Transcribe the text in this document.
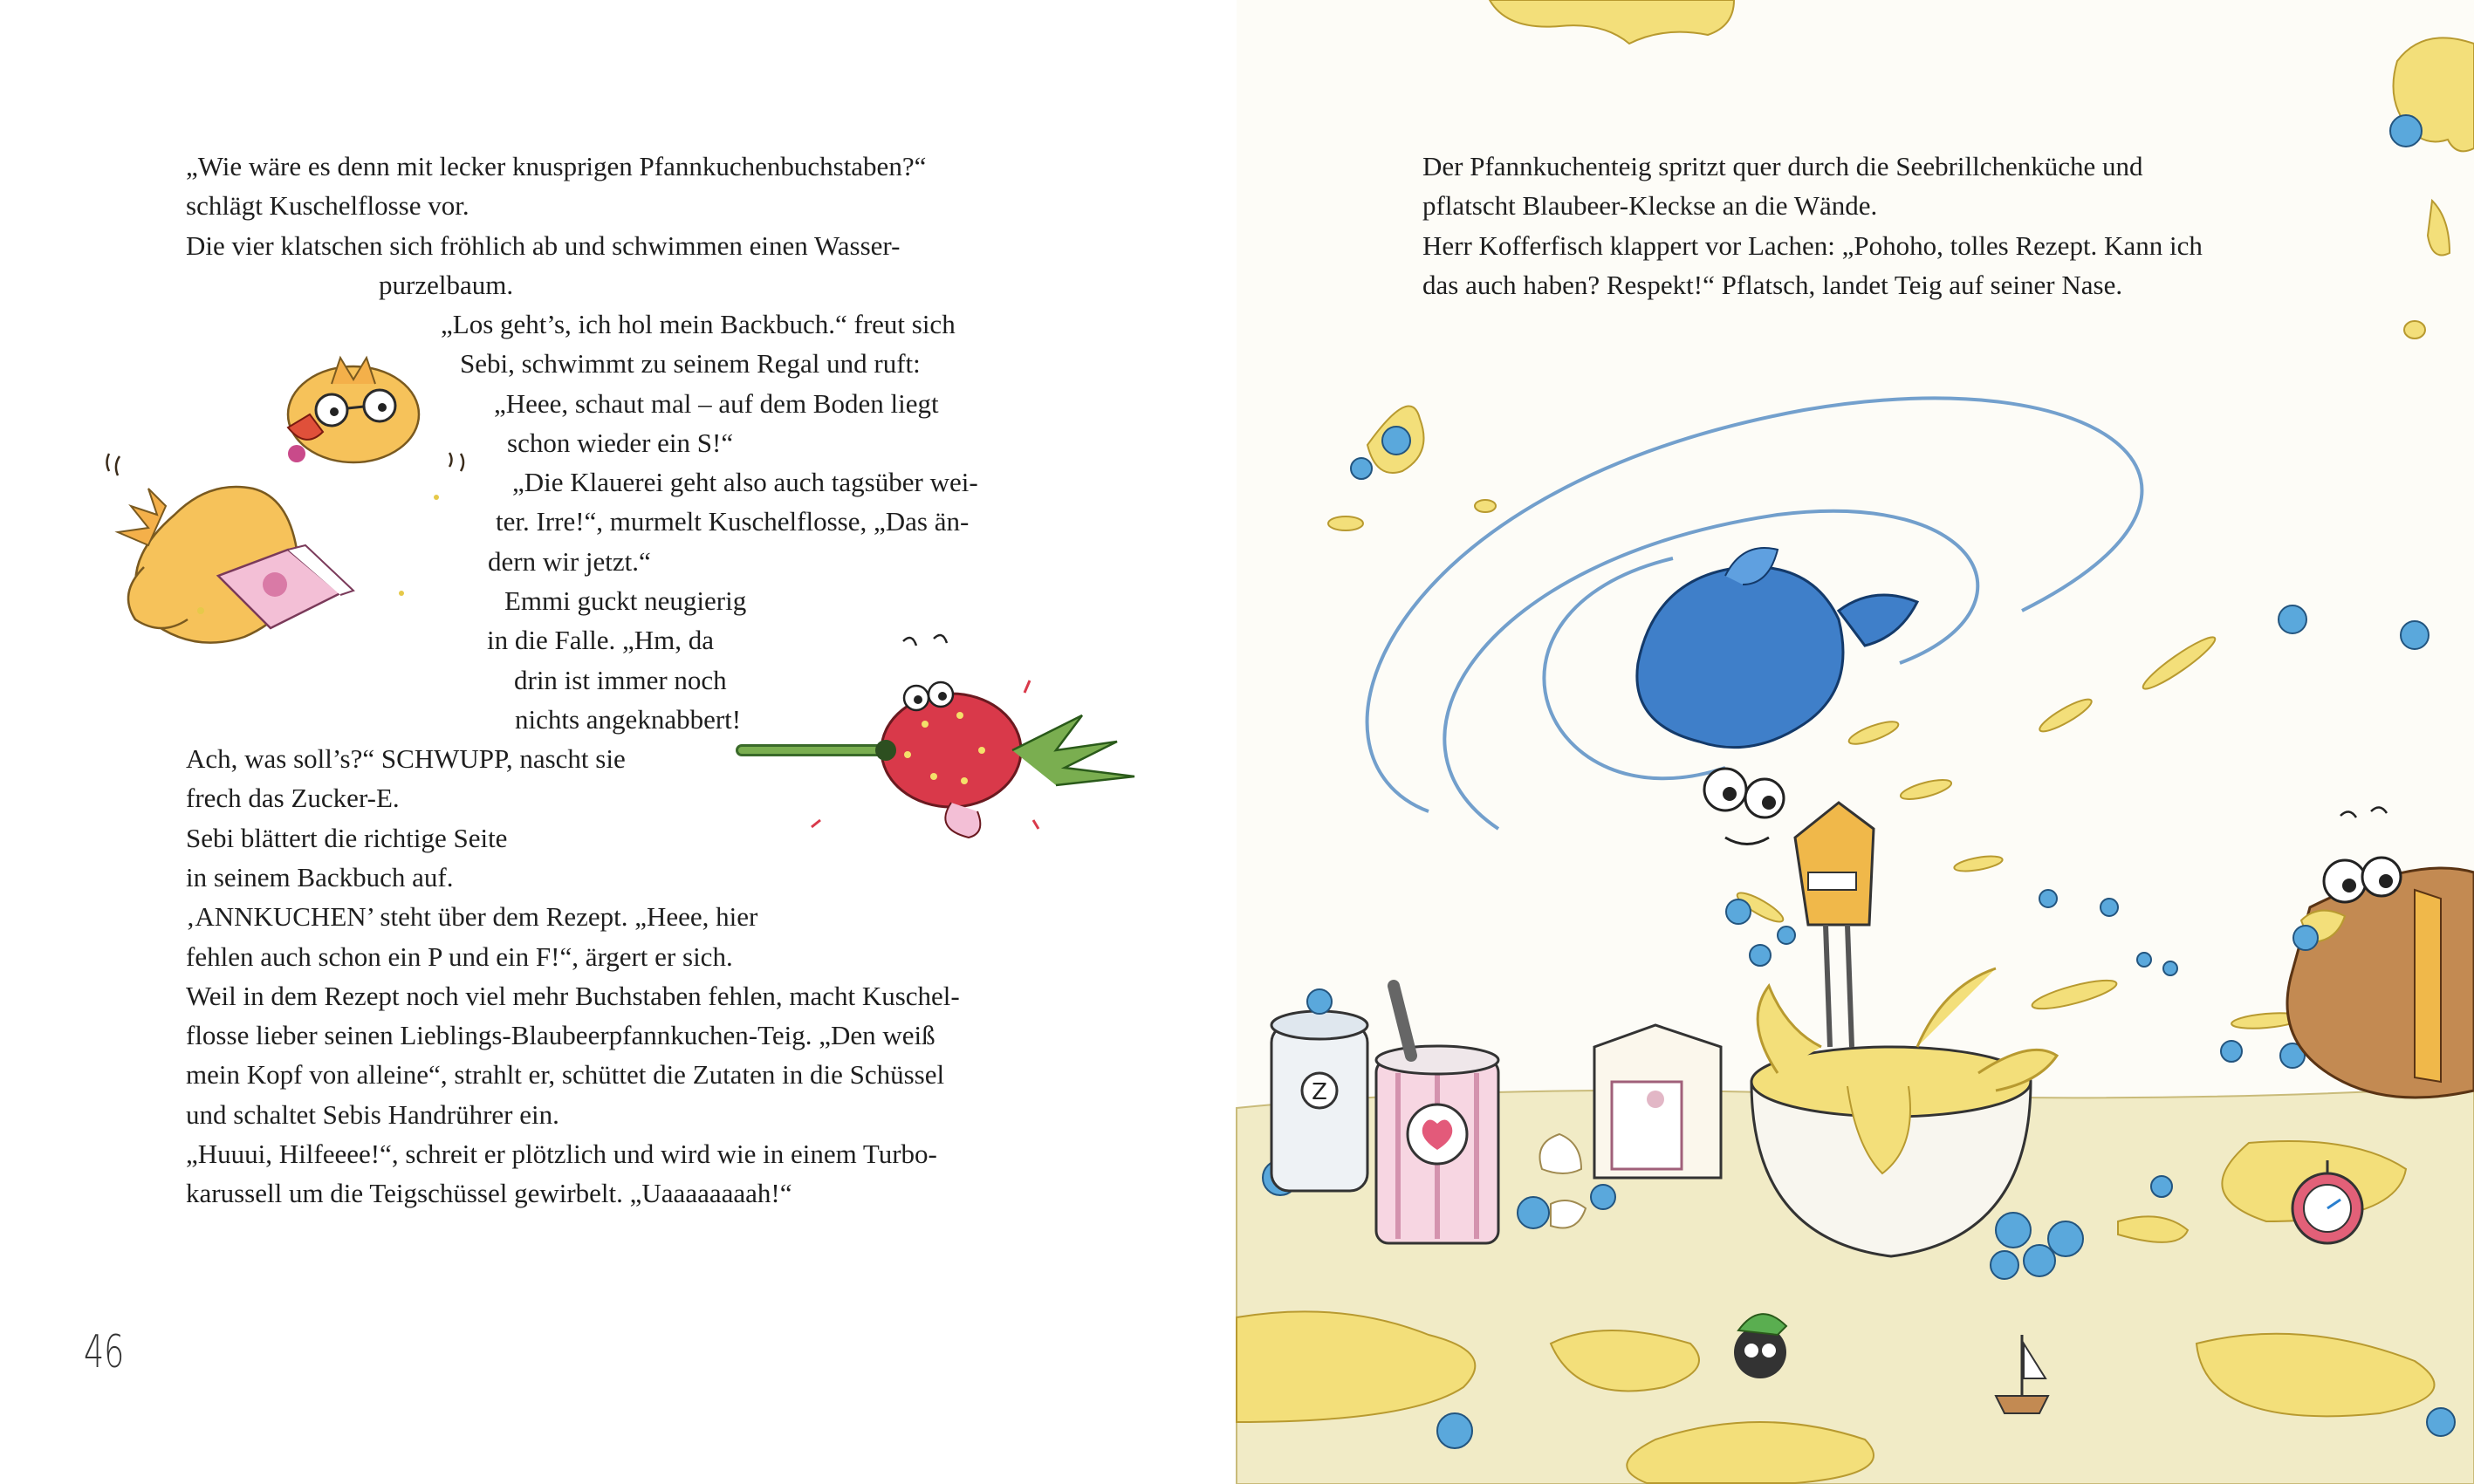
„Wie wäre es denn mit lecker knusprigen Pfannkuchenbuchstaben?“
schlägt Kuschelflosse vor.
Die vier klatschen sich fröhlich ab und schwimmen einen Wasser-
purzelbaum.
„Los geht’s, ich hol mein Backbuch.“ freut sich
Sebi, schwimmt zu seinem Regal und ruft:
„Heee, schaut mal – auf dem Boden liegt
schon wieder ein S!“
„Die Klauerei geht also auch tagsüber wei-
ter. Irre!“, murmelt Kuschelflosse, „Das än-
dern wir jetzt.“
Emmi guckt neugierig
in die Falle. „Hm, da
drin ist immer noch
nichts angeknabbert!
Ach, was soll’s?“ SCHWUPP, nascht sie
frech das Zucker-E.
Sebi blättert die richtige Seite
in seinem Backbuch auf.
‚ANNKUCHEN’ steht über dem Rezept. „Heee, hier
fehlen auch schon ein P und ein F!“, ärgert er sich.
Weil in dem Rezept noch viel mehr Buchstaben fehlen, macht Kuschel-
flosse lieber seinen Lieblings-Blaubeerpfannkuchen-Teig. „Den weiß
mein Kopf von alleine“, strahlt er, schüttet die Zutaten in die Schüssel
und schaltet Sebis Handrührer ein.
„Huuui, Hilfeeee!“, schreit er plötzlich und wird wie in einem Turbo-
karussell um die Teigschüssel gewirbelt. „Uaaaaaaaah!“
46
Der Pfannkuchenteig spritzt quer durch die Seebrillchenküche und
pflatscht Blaubeer-Kleckse an die Wände.
Herr Kofferfisch klappert vor Lachen: „Pohoho, tolles Rezept. Kann ich
das auch haben? Respekt!“ Pflatsch, landet Teig auf seiner Nase.
Z
